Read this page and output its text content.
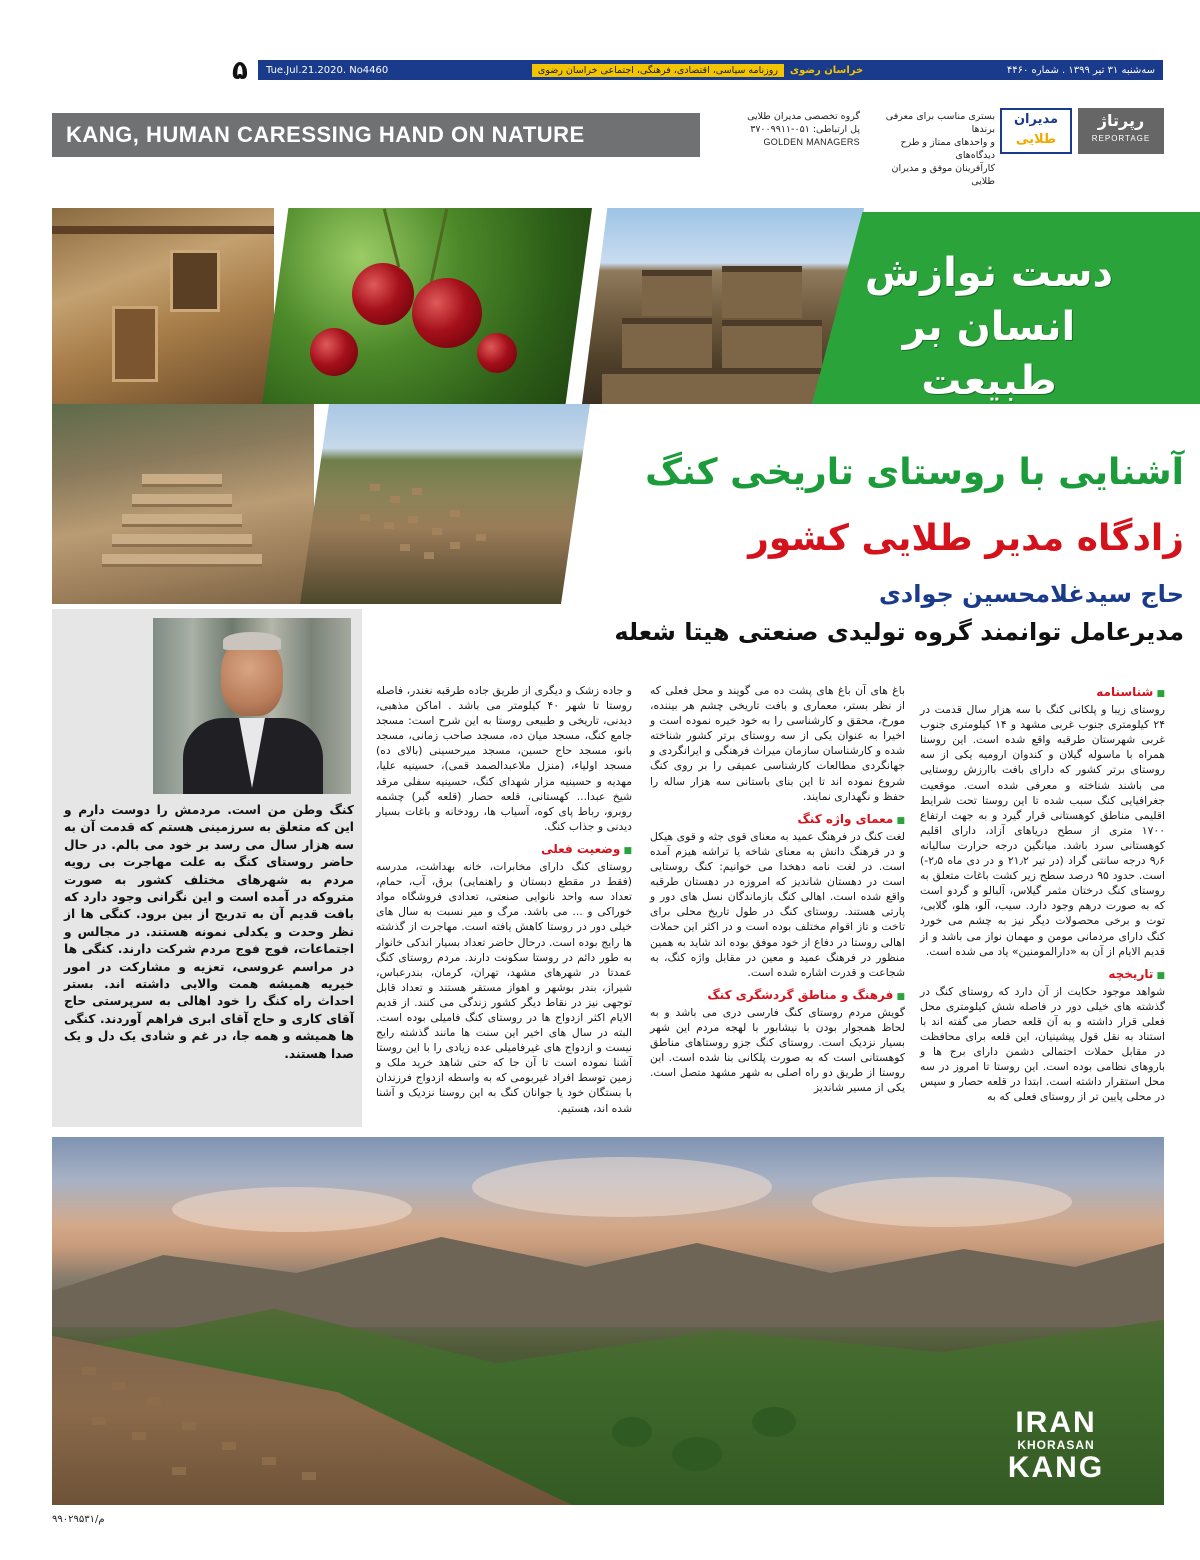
۵ Tue.Jul.21.2020. No4460	روزنامه سیاسی، اقتصادی، فرهنگی، اجتماعی خراسان رضوی	خراسان رضوی	سه‌شنبه ۳۱ تیر ۱۳۹۹ . شماره ۴۴۶۰
KANG, HUMAN CARESSING HAND ON NATURE
گروه تخصصی مدیران طلایی
پل ارتباطی: ۰۵۱-۳۷۰۰۹۹۱۱
GOLDEN MANAGERS
بستری مناسب برای معرفی برندها
و واحدهای ممتاز و طرح دیدگاه‌های
کارآفرینان موفق و مدیران طلایی
مدیران
طلایی
رپرتاژ
REPORTAGE
دست نوازش
انسان بر طبیعت
آشنایی با روستای تاریخی کنگ
زادگاه مدیر طلایی کشور
حاج سیدغلامحسین جوادی
مدیرعامل توانمند گروه تولیدی صنعتی هیتا شعله
کنگ وطن من است. مردمش را دوست دارم و این که متعلق به سرزمینی هستم که قدمت آن به سه هزار سال می رسد بر خود می بالم. در حال حاضر روستای کنگ به علت مهاجرت بی رویه مردم به شهرهای مختلف کشور به صورت متروکه در آمده است و این نگرانی وجود دارد که بافت قدیم آن به تدریج از بین برود. کنگی ها از نظر وحدت و یکدلی نمونه هستند. در مجالس و اجتماعات، فوج فوج مردم شرکت دارند. کنگی ها در مراسم عروسی، تعزیه و مشارکت در امور خیریه همیشه همت والایی داشته اند. بستر احداث راه کنگ را خود اهالی به سرپرستی حاج آقای کاری و حاج آقای ابری فراهم آوردند. کنگی ها همیشه و همه جا، در غم و شادی یک دل و یک صدا هستند.
■ شناسنامه
روستای زیبا و پلکانی کنگ با سه هزار سال قدمت در ۲۴ کیلومتری جنوب غربی مشهد و ۱۴ کیلومتری جنوب غربی شهرستان طرقبه واقع شده است. این روستا همراه با ماسوله گیلان و کندوان ارومیه یکی از سه روستای برتر کشور که دارای بافت باارزش روستایی می باشند شناخته و معرفی شده است. موقعیت جغرافیایی کنگ سبب شده تا این روستا تحت شرایط اقلیمی مناطق کوهستانی قرار گیرد و به جهت ارتفاع ۱۷۰۰ متری از سطح دریاهای آزاد، دارای اقلیم کوهستانی سرد باشد. میانگین درجه حرارت سالیانه ۹٫۶ درجه سانتی گراد (در تیر ۲۱٫۲ و در دی ماه ۲٫۵-) است. حدود ۹۵ درصد سطح زیر کشت باغات متعلق به روستای کنگ درختان مثمر گیلاس، آلبالو و گردو است که به صورت درهم وجود دارد. سیب، آلو، هلو، گلابی، توت و برخی محصولات دیگر نیز به چشم می خورد کنگ دارای مردمانی مومن و مهمان نواز می باشد و از قدیم الایام از آن به «دارالمومنین» یاد می شده است.
■ تاریخچه
شواهد موجود حکایت از آن دارد که روستای کنگ در گذشته های خیلی دور در فاصله شش کیلومتری محل فعلی قرار داشته و به آن قلعه حصار می گفته اند با استناد به نقل قول پیشینیان، این قلعه برای محافظت در مقابل حملات احتمالی دشمن دارای برج ها و باروهای نظامی بوده است. این روستا تا امروز در سه محل استقرار داشته است. ابتدا در قلعه حصار و سپس در محلی پایین تر از روستای فعلی که به
باغ های آن باغ های پشت ده می گویند و محل فعلی که از نظر بستر، معماری و بافت تاریخی چشم هر بیننده، مورخ، محقق و کارشناسی را به خود خیره نموده است و اخیرا به عنوان یکی از سه روستای برتر کشور شناخته شده و کارشناسان سازمان میراث فرهنگی و ایرانگردی و جهانگردی مطالعات کارشناسی عمیقی را بر روی کنگ شروع نموده اند تا این بنای باستانی سه هزار ساله را حفظ و نگهداری نمایند.
■ معمای واژه کنگ
لغت کنگ در فرهنگ عمید به معنای قوی جثه و قوی هیکل و در فرهنگ دانش به معنای شاخه یا تراشه هیزم آمده است. در لغت نامه دهخدا می خوانیم: کنگ روستایی است در دهستان شاندیز که امروزه در دهستان طرقبه واقع شده است. اهالی کنگ بازماندگان نسل های دور و پارتی هستند. روستای کنگ در طول تاریخ محلی برای تاخت و تاز اقوام مختلف بوده است و در اکثر این حملات اهالی روستا در دفاع از خود موفق بوده اند شاید به همین منظور در فرهنگ عمید و معین در مقابل واژه کنگ، به شجاعت و قدرت اشاره شده است.
■ فرهنگ و مناطق گردشگری کنگ
گویش مردم روستای کنگ فارسی دری می باشد و به لحاظ همجوار بودن با نیشابور با لهجه مردم این شهر بسیار نزدیک است. روستای کنگ جزو روستاهای مناطق کوهستانی است که به صورت پلکانی بنا شده است. این روستا از طریق دو راه اصلی به شهر مشهد متصل است. یکی از مسیر شاندیز
و جاده زشک و دیگری از طریق جاده طرقبه نغندر، فاصله روستا تا شهر ۴۰ کیلومتر می باشد . اماکن مذهبی، دیدنی، تاریخی و طبیعی روستا به این شرح است: مسجد جامع کنگ، مسجد میان ده، مسجد صاحب زمانی، مسجد بانو، مسجد حاج حسین، مسجد میرحسینی (بالای ده) مسجد اولیاء، (منزل ملاعبدالصمد قمی)، حسینیه علیا، مهدیه و حسینیه مزار شهدای کنگ، حسینیه سفلی مرقد شیخ عبدا... کهستانی، قلعه حصار (قلعه گبر) چشمه روبرو، رباط پای کوه، آسیاب ها، رودخانه و باغات بسیار دیدنی و جذاب کنگ.
■ وضعیت فعلی
روستای کنگ دارای مخابرات، خانه بهداشت، مدرسه (فقط در مقطع دبستان و راهنمایی) برق، آب، حمام، تعداد سه واحد نانوایی صنعتی، تعدادی فروشگاه مواد خوراکی و ... می باشد. مرگ و میر نسبت به سال های خیلی دور در روستا کاهش یافته است. مهاجرت از گذشته ها رایج بوده است. درحال حاضر تعداد بسیار اندکی خانوار به طور دائم در روستا سکونت دارند. مردم روستای کنگ عمدتا در شهرهای مشهد، تهران، کرمان، بندرعباس، شیراز، بندر بوشهر و اهواز مستقر هستند و تعداد قابل توجهی نیز در نقاط دیگر کشور زندگی می کنند. از قدیم الایام اکثر ازدواج ها در روستای کنگ فامیلی بوده است. البته در سال های اخیر این سنت ها مانند گذشته رایج نیست و ازدواج های غیرفامیلی عده زیادی را با این روستا آشنا نموده است تا آن جا که حتی شاهد خرید ملک و زمین توسط افراد غیربومی که به واسطه ازدواج فرزندان با بستگان خود یا جوانان کنگ به این روستا نزدیک و آشنا شده اند، هستیم.
IRAN
KHORASAN
KANG
م/۹۹۰۲۹۵۳۱
